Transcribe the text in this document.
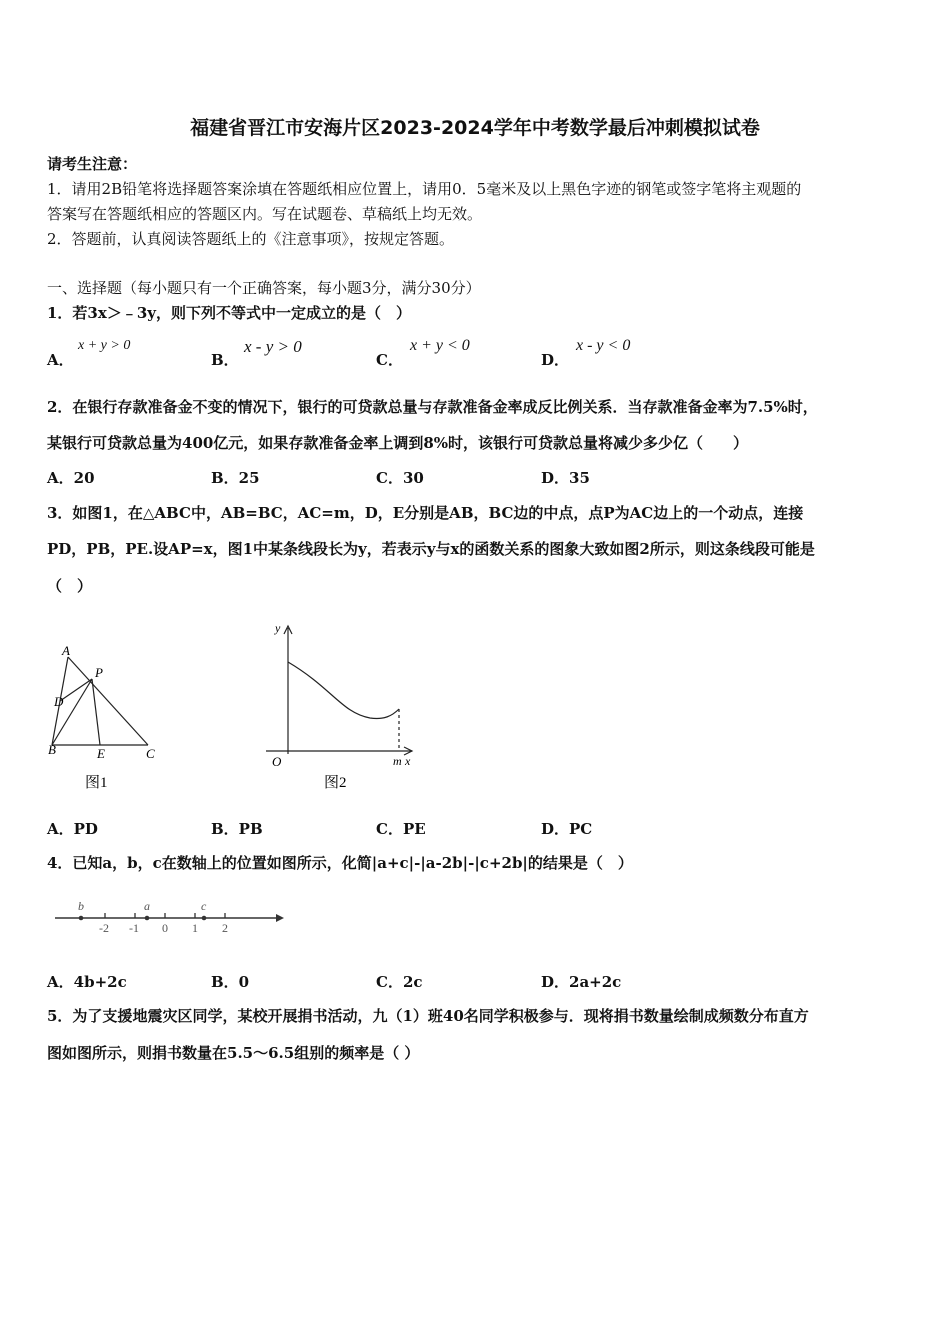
福建省晋江市安海片区2023-2024学年中考数学最后冲刺模拟试卷
请考生注意：
1．请用2B铅笔将选择题答案涂填在答题纸相应位置上，请用0．5毫米及以上黑色字迹的钢笔或签字笔将主观题的
答案写在答题纸相应的答题区内。写在试题卷、草稿纸上均无效。
2．答题前，认真阅读答题纸上的《注意事项》，按规定答题。
一、选择题（每小题只有一个正确答案，每小题3分，满分30分）
1．若3x＞﹣3y，则下列不等式中一定成立的是（　）
A．
x + y > 0
B．
x - y > 0
C．
x + y < 0
D．
x - y < 0
2．在银行存款准备金不变的情况下，银行的可贷款总量与存款准备金率成反比例关系．当存款准备金率为7.5%时，
某银行可贷款总量为400亿元，如果存款准备金率上调到8%时，该银行可贷款总量将减少多少亿（　　）
A．20	B．25	C．30	D．35
3．如图1，在△ABC中，AB=BC，AC=m，D，E分别是AB，BC边的中点，点P为AC边上的一个动点，连接
PD，PB，PE.设AP=x，图1中某条线段长为y，若表示y与x的函数关系的图象大致如图2所示，则这条线段可能是
（　）
A
P
D
B	E	C
图1
y
O	m x
图2
A．PD	B．PB	C．PE	D．PC
4．已知a，b，c在数轴上的位置如图所示，化简|a+c|-|a-2b|-|c+2b|的结果是（　）
-2 -1 0 1 2
b	a	c
A．4b+2c	B．0	C．2c	D．2a+2c
5．为了支援地震灾区同学，某校开展捐书活动，九（1）班40名同学积极参与．现将捐书数量绘制成频数分布直方
图如图所示，则捐书数量在5.5～6.5组别的频率是（ ）
